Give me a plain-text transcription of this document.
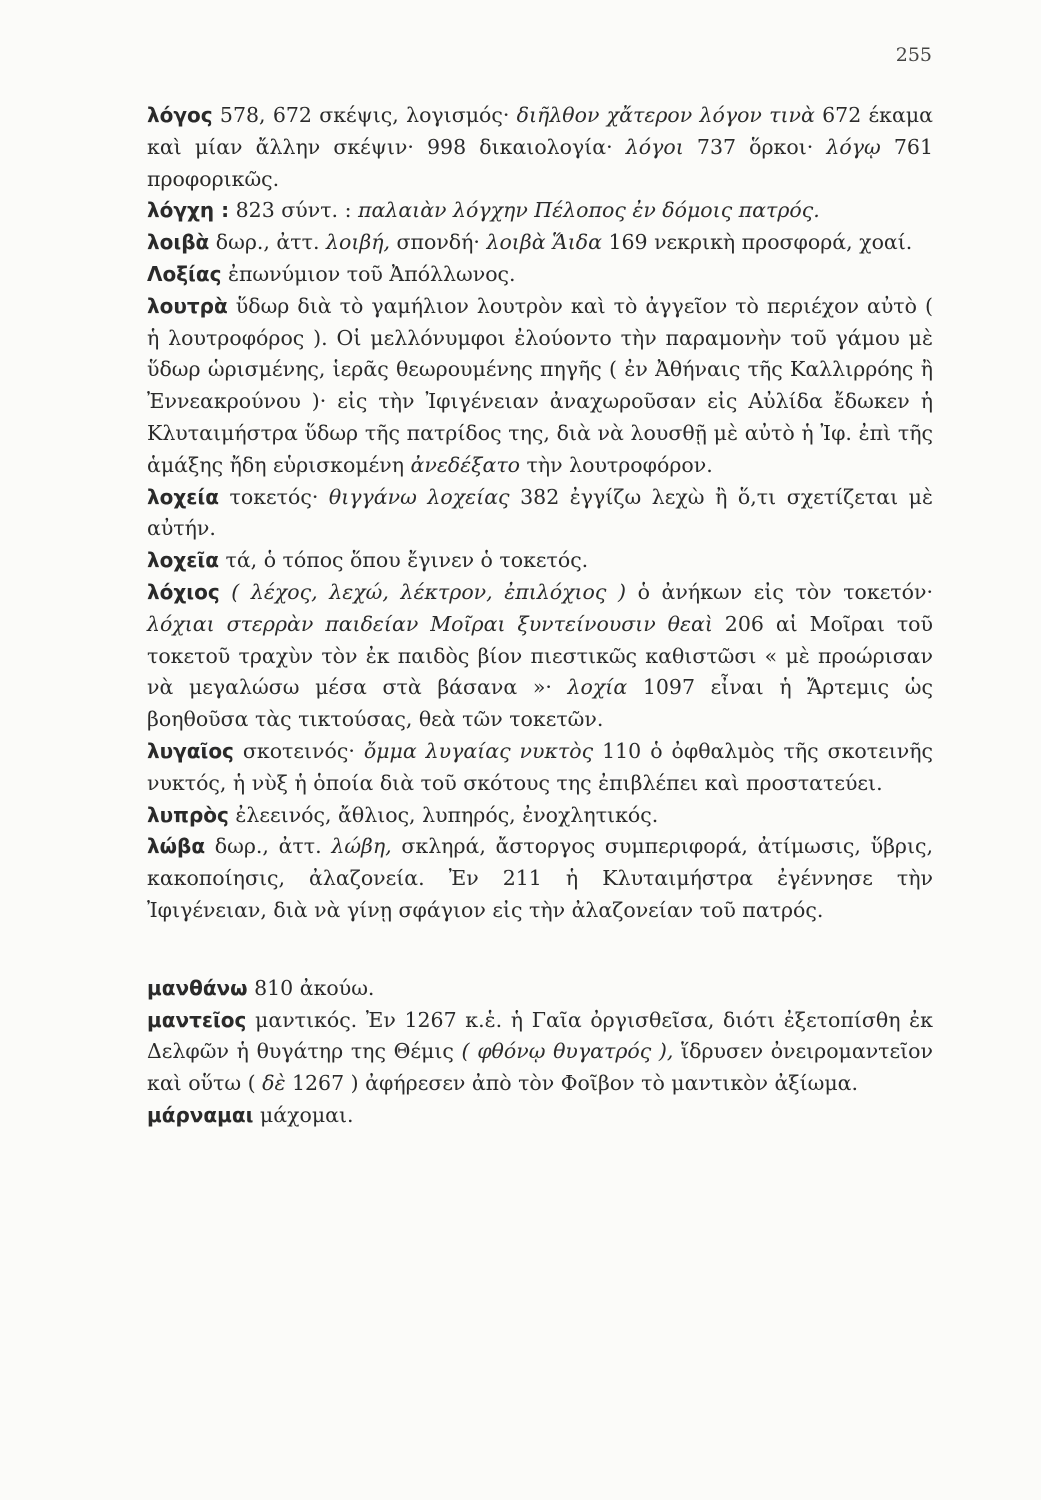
255

λόγος 578, 672 σκέψις, λογισμός· διῆλθον χἄτερον λόγον τινὰ 672 έκαμα καὶ μίαν ἄλλην σκέψιν· 998 δικαιολογία· λόγοι 737 ὅρκοι· λόγῳ 761 προφορικῶς.

λόγχη : 823 σύντ. : παλαιὰν λόγχην Πέλοπος ἐν δόμοις πατρός.

λοιβὰ δωρ., ἀττ. λοιβή, σπονδή· λοιβὰ Ἅιδα 169 νεκρικὴ προσφορά, χοαί.

Λοξίας ἐπωνύμιον τοῦ Ἀπόλλωνος.

λουτρὰ ὕδωρ διὰ τὸ γαμήλιον λουτρὸν καὶ τὸ ἀγγεῖον τὸ περιέχον αὐτὸ ( ἡ λουτροφόρος ). Οἱ μελλόνυμφοι ἐλούοντο τὴν παραμονὴν τοῦ γάμου μὲ ὕδωρ ὡρισμένης, ἱερᾶς θεωρουμένης πηγῆς ( ἐν Ἀθήναις τῆς Καλλιρρόης ἢ Ἐννεακρούνου )· εἰς τὴν Ἰφιγένειαν ἀναχωροῦσαν εἰς Αὐλίδα ἔδωκεν ἡ Κλυταιμήστρα ὕδωρ τῆς πατρίδος της, διὰ νὰ λουσθῇ μὲ αὐτὸ ἡ Ἰφ. ἐπὶ τῆς ἁμάξης ἤδη εὑρισκομένη ἀνεδέξατο τὴν λουτροφόρον.

λοχεία τοκετός· θιγγάνω λοχείας 382 ἐγγίζω λεχὼ ἢ ὅ,τι σχετίζεται μὲ αὐτήν.

λοχεῖα τά, ὁ τόπος ὅπου ἔγινεν ὁ τοκετός.

λόχιος ( λέχος, λεχώ, λέκτρον, ἐπιλόχιος ) ὁ ἀνήκων εἰς τὸν τοκετόν· λόχιαι στερρὰν παιδείαν Μοῖραι ξυντείνουσιν θεαὶ 206 αἱ Μοῖραι τοῦ τοκετοῦ τραχὺν τὸν ἐκ παιδὸς βίον πιεστικῶς καθιστῶσι « μὲ προώρισαν νὰ μεγαλώσω μέσα στὰ βάσανα »· λοχία 1097 εἶναι ἡ Ἄρτεμις ὡς βοηθοῦσα τὰς τικτούσας, θεὰ τῶν τοκετῶν.

λυγαῖος σκοτεινός· ὄμμα λυγαίας νυκτὸς 110 ὁ ὀφθαλμὸς τῆς σκοτεινῆς νυκτός, ἡ νὺξ ἡ ὁποία διὰ τοῦ σκότους της ἐπιβλέπει καὶ προστατεύει.

λυπρὸς ἐλεεινός, ἄθλιος, λυπηρός, ἐνοχλητικός.

λώβα δωρ., ἀττ. λώβη, σκληρά, ἄστοργος συμπεριφορά, ἀτίμωσις, ὕβρις, κακοποίησις, ἀλαζονεία. Ἐν 211 ἡ Κλυταιμήστρα ἐγέννησε τὴν Ἰφιγένειαν, διὰ νὰ γίνῃ σφάγιον εἰς τὴν ἀλαζονείαν τοῦ πατρός.

μανθάνω 810 ἀκούω.

μαντεῖος μαντικός. Ἐν 1267 κ.ἑ. ἡ Γαῖα ὀργισθεῖσα, διότι ἐξετοπίσθη ἐκ Δελφῶν ἡ θυγάτηρ της Θέμις ( φθόνῳ θυγατρός ), ἵδρυσεν ὀνειρομαντεῖον καὶ οὕτω ( δὲ 1267 ) ἀφήρεσεν ἀπὸ τὸν Φοῖβον τὸ μαντικὸν ἀξίωμα.

μάρναμαι μάχομαι.
